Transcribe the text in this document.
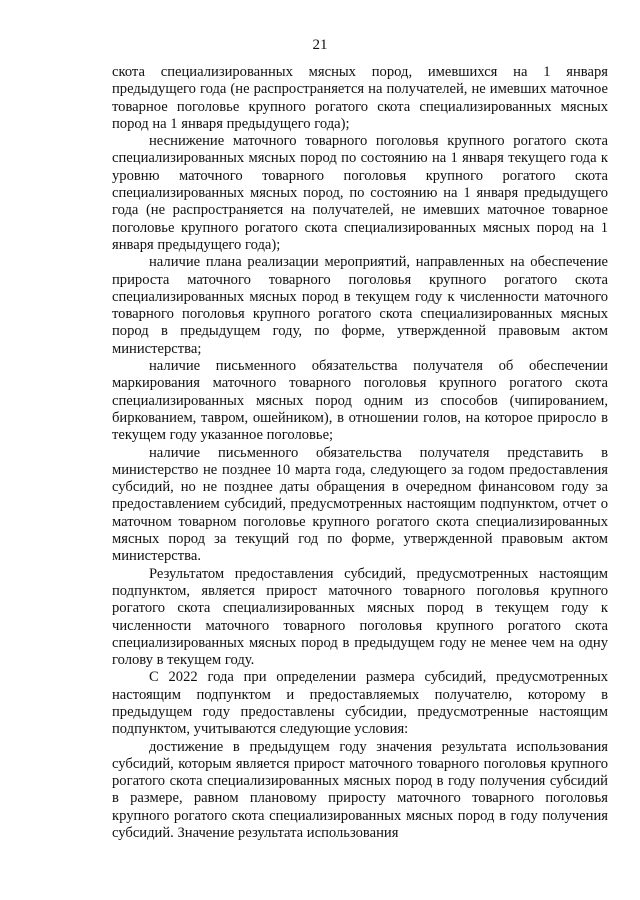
21

скота специализированных мясных пород, имевшихся на 1 января предыдущего года (не распространяется на получателей, не имевших маточное товарное поголовье крупного рогатого скота специализированных мясных пород на 1 января предыдущего года);

неснижение маточного товарного поголовья крупного рогатого скота специализированных мясных пород по состоянию на 1 января текущего года к уровню маточного товарного поголовья крупного рогатого скота специализированных мясных пород, по состоянию на 1 января предыдущего года (не распространяется на получателей, не имевших маточное товарное поголовье крупного рогатого скота специализированных мясных пород на 1 января предыдущего года);

наличие плана реализации мероприятий, направленных на обеспечение прироста маточного товарного поголовья крупного рогатого скота специализированных мясных пород в текущем году к численности маточного товарного поголовья крупного рогатого скота специализированных мясных пород в предыдущем году, по форме, утвержденной правовым актом министерства;

наличие письменного обязательства получателя об обеспечении маркирования маточного товарного поголовья крупного рогатого скота специализированных мясных пород одним из способов (чипированием, биркованием, тавром, ошейником), в отношении голов, на которое приросло в текущем году указанное поголовье;

наличие письменного обязательства получателя представить в министерство не позднее 10 марта года, следующего за годом предоставления субсидий, но не позднее даты обращения в очередном финансовом году за предоставлением субсидий, предусмотренных настоящим подпунктом, отчет о маточном товарном поголовье крупного рогатого скота специализированных мясных пород за текущий год по форме, утвержденной правовым актом министерства.

Результатом предоставления субсидий, предусмотренных настоящим подпунктом, является прирост маточного товарного поголовья крупного рогатого скота специализированных мясных пород в текущем году к численности маточного товарного поголовья крупного рогатого скота специализированных мясных пород в предыдущем году не менее чем на одну голову в текущем году.

С 2022 года при определении размера субсидий, предусмотренных настоящим подпунктом и предоставляемых получателю, которому в предыдущем году предоставлены субсидии, предусмотренные настоящим подпунктом, учитываются следующие условия:

достижение в предыдущем году значения результата использования субсидий, которым является прирост маточного товарного поголовья крупного рогатого скота специализированных мясных пород в году получения субсидий в размере, равном плановому приросту маточного товарного поголовья крупного рогатого скота специализированных мясных пород в году получения субсидий. Значение результата использования
